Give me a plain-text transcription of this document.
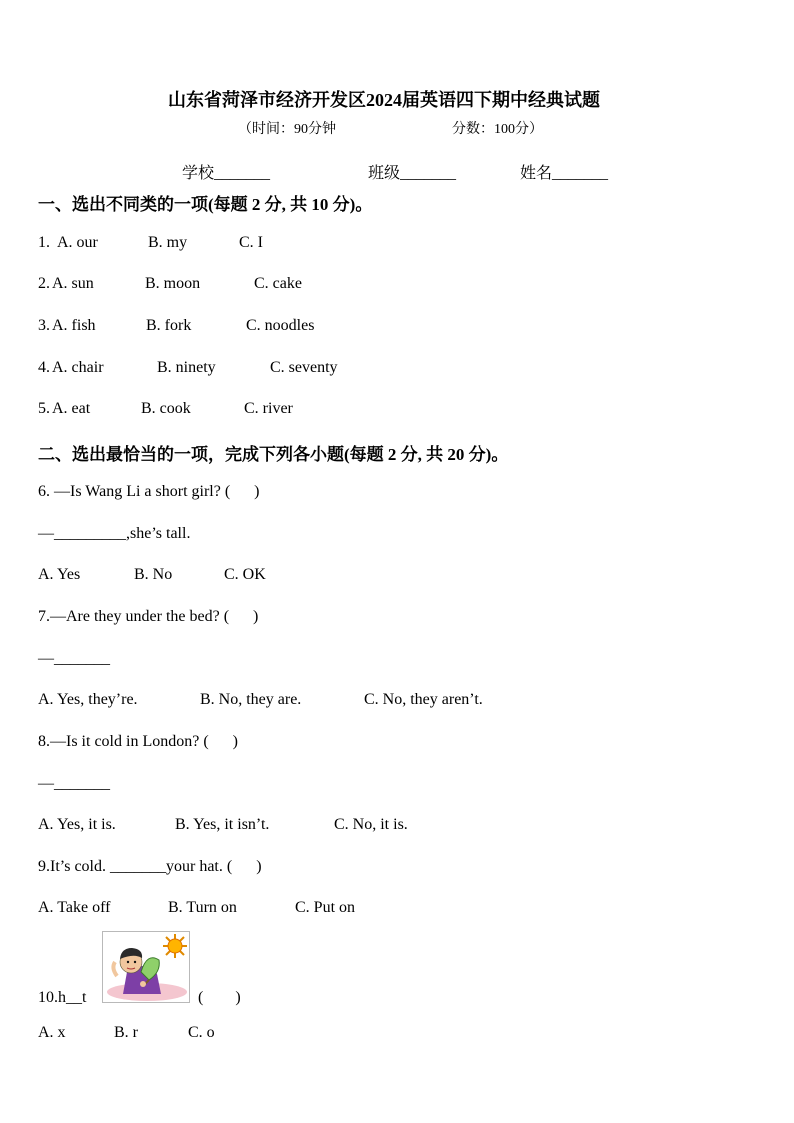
山东省菏泽市经济开发区2024届英语四下期中经典试题
（时间：90分钟	分数：100分）
学校_______	班级_______	姓名_______
一、选出不同类的一项(每题 2 分, 共 10 分)。
1. A. our	B. my	C. I
2. A. sun	B. moon	C. cake
3. A. fish	B. fork	C. noodles
4. A. chair	B. ninety	C. seventy
5. A. eat	B. cook	C. river
二、选出最恰当的一项，完成下列各小题(每题 2 分, 共 20 分)。
6. —Is Wang Li a short girl? (      )
—_________,she’s tall.
A. Yes	B. No	C. OK
7.—Are they under the bed? (      )
—_______
A. Yes, they’re.	B. No, they are.	C. No, they aren’t.
8.—Is it cold in London? (      )
—_______
A. Yes, it is.	B. Yes, it isn’t.	C. No, it is.
9.It’s cold. _______your hat. (      )
A. Take off	B. Turn on	C. Put on
10.h__t	(        )
A. x	B. r	C. o
